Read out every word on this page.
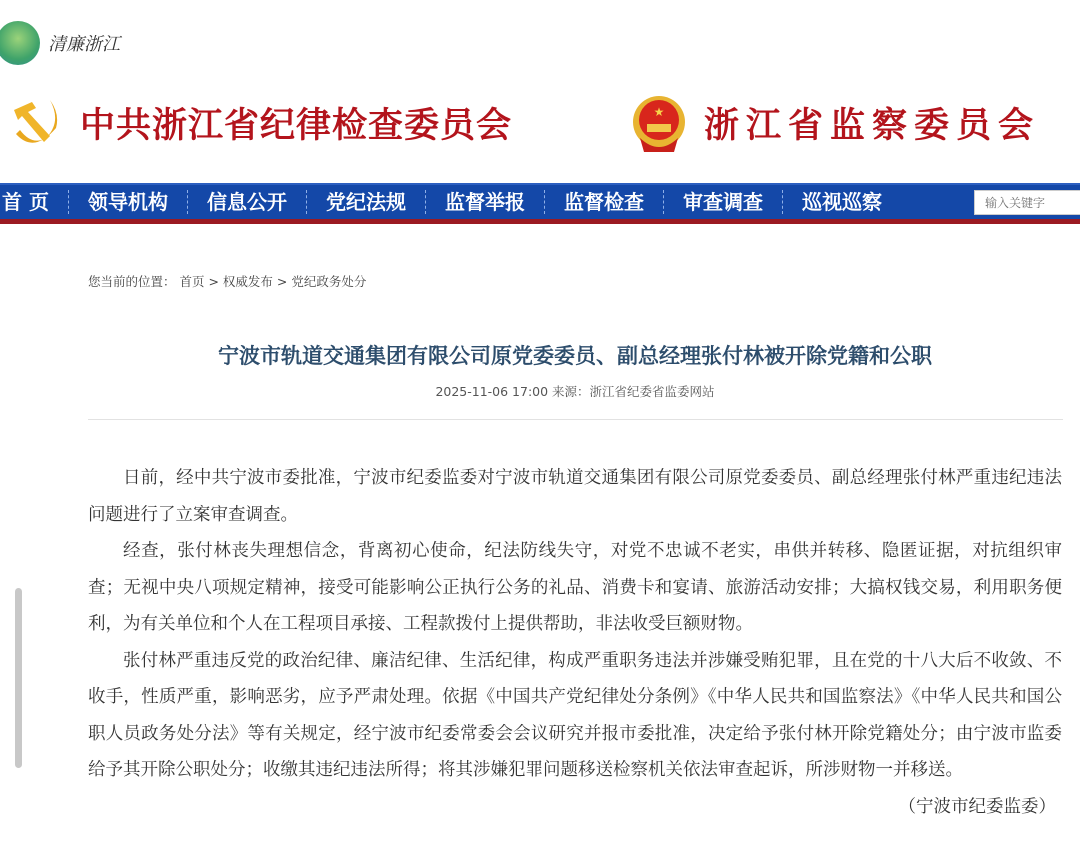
清廉浙江
中共浙江省纪律检查委员会	★ 浙江省监察委员会
首 页	领导机构	信息公开	党纪法规	监督举报	监督检查	审查调查	巡视巡察
输入关键字
您当前的位置： 首页 > 权威发布 > 党纪政务处分
宁波市轨道交通集团有限公司原党委委员、副总经理张付林被开除党籍和公职
2025-11-06 17:00 来源：浙江省纪委省监委网站

日前，经中共宁波市委批准，宁波市纪委监委对宁波市轨道交通集团有限公司原党委委员、副总经理张付林严重违纪违法问题进行了立案审查调查。

经查，张付林丧失理想信念，背离初心使命，纪法防线失守，对党不忠诚不老实，串供并转移、隐匿证据，对抗组织审查；无视中央八项规定精神，接受可能影响公正执行公务的礼品、消费卡和宴请、旅游活动安排；大搞权钱交易，利用职务便利，为有关单位和个人在工程项目承接、工程款拨付上提供帮助，非法收受巨额财物。

张付林严重违反党的政治纪律、廉洁纪律、生活纪律，构成严重职务违法并涉嫌受贿犯罪，且在党的十八大后不收敛、不收手，性质严重，影响恶劣，应予严肃处理。依据《中国共产党纪律处分条例》《中华人民共和国监察法》《中华人民共和国公职人员政务处分法》等有关规定，经宁波市纪委常委会会议研究并报市委批准，决定给予张付林开除党籍处分；由宁波市监委给予其开除公职处分；收缴其违纪违法所得；将其涉嫌犯罪问题移送检察机关依法审查起诉，所涉财物一并移送。

（宁波市纪委监委）
